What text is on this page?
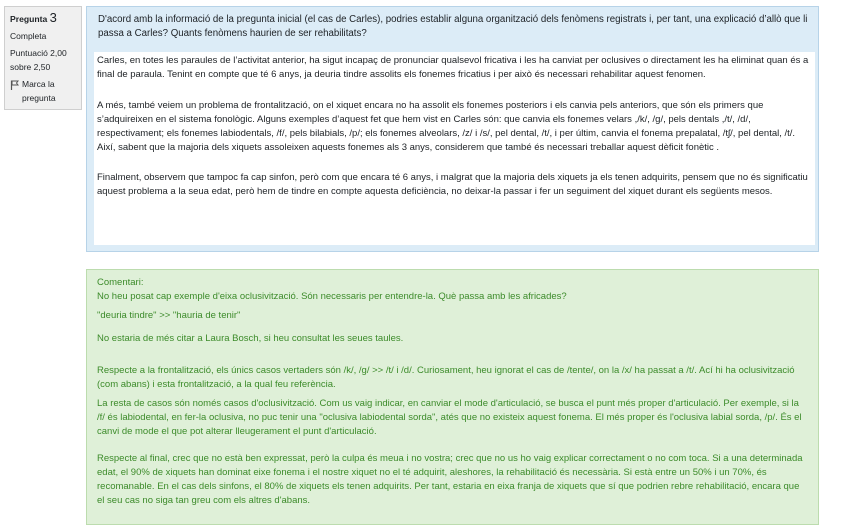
Pregunta 3
Completa
Puntuació 2,00 sobre 2,50
Marca la pregunta
D'acord amb la informació de la pregunta inicial (el cas de Carles), podries establir alguna organització dels fenòmens registrats i, per tant, una explicació d’allò que li passa a Carles? Quants fenòmens haurien de ser rehabilitats?

Carles, en totes les paraules de l’activitat anterior, ha sigut incapaç de pronunciar qualsevol fricativa i les ha canviat per oclusives o directament les ha eliminat quan és a final de paraula. Tenint en compte que té 6 anys, ja deuria tindre assolits els fonemes fricatius i per això és necessari rehabilitar aquest fenomen.

A més, també veiem un problema de frontalització, on el xiquet encara no ha assolit els fonemes posteriors i els canvia pels anteriors, que són els primers que s’adquireixen en el sistema fonològic. Alguns exemples d’aquest fet que hem vist en Carles són: que canvia els fonemes velars ,/k/, /g/, pels dentals ,/t/, /d/, respectivament; els fonemes labiodentals, /f/, pels bilabials, /p/; els fonemes alveolars, /z/ i /s/, pel dental, /t/, i per últim, canvia el fonema prepalatal, /tʃ/, pel dental, /t/. Així, sabent que la majoria dels xiquets assoleixen aquests fonemes als 3 anys, considerem que també és necessari treballar aquest dèficit fonètic .

Finalment, observem que tampoc fa cap sinfon, però com que encara té 6 anys, i malgrat que la majoria dels xiquets ja els tenen adquirits, pensem que no és significatiu aquest problema a la seua edat, però hem de tindre en compte aquesta deficiència, no deixar-la passar i fer un seguiment del xiquet durant els següents mesos.

Comentari:

No heu posat cap exemple d'eixa oclusivització. Són necessaris per entendre-la. Què passa amb les africades?

"deuria tindre" >> "hauria de tenir"

No estaria de més citar a Laura Bosch, si heu consultat les seues taules.

Respecte a la frontalització, els únics casos vertaders són /k/, /g/ >> /t/ i /d/. Curiosament, heu ignorat el cas de /tente/, on la /x/ ha passat a /t/. Ací hi ha oclusivització (com abans) i esta frontalització, a la qual feu referència.

La resta de casos són només casos d'oclusivització. Com us vaig indicar, en canviar el mode d'articulació, se busca el punt més proper d'articulació. Per exemple, si la /f/ és labiodental, en fer-la oclusiva, no puc tenir una "oclusiva labiodental sorda", atés que no existeix aquest fonema. El més proper és l'oclusiva labial sorda, /p/. És el canvi de mode el que pot alterar lleugerament el punt d'articulació.

Respecte al final, crec que no està ben expressat, però la culpa és meua i no vostra; crec que no us ho vaig explicar correctament o no com toca. Si a una determinada edat, el 90% de xiquets han dominat eixe fonema i el nostre xiquet no el té adquirit, aleshores, la rehabilitació és necessària. Si està entre un 50% i un 70%, és recomanable. En el cas dels sinfons, el 80% de xiquets els tenen adquirits. Per tant, estaria en eixa franja de xiquets que sí que podrien rebre rehabilitació, encara que el seu cas no siga tan greu com els altres d'abans.
